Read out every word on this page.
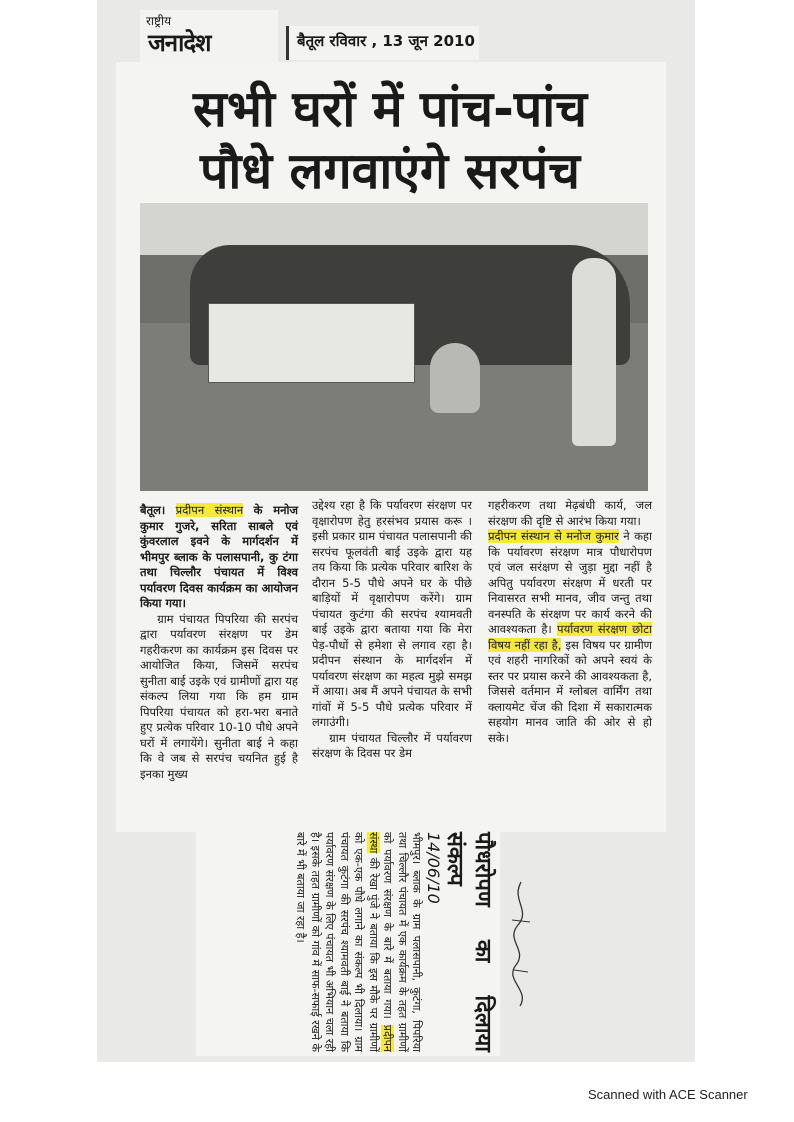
राष्ट्रीय
जनादेश	बैतूल रविवार , 13 जून 2010
सभी घरों में पांच-पांच
पौधे लगवाएंगे सरपंच
बैतूल। प्रदीपन संस्थान के मनोज कुमार गुजरे, सरिता साबले एवं कुंवरलाल इवने के मार्गदर्शन में भीमपुर ब्लाक के पलासपानी, कु टंगा तथा चिल्लौर पंचायत में विश्व पर्यावरण दिवस कार्यक्रम का आयोजन किया गया।
ग्राम पंचायत पिपरिया की सरपंच द्वारा पर्यावरण संरक्षण पर डेम गहरीकरण का कार्यक्रम इस दिवस पर आयोजित किया, जिसमें सरपंच सुनीता बाई उइके एवं ग्रामीणों द्वारा यह संकल्प लिया गया कि हम ग्राम पिपरिया पंचायत को हरा-भरा बनाते हुए प्रत्येक परिवार 10-10 पौधे अपने घरों में लगायेंगे। सुनीता बाई ने कहा कि वे जब से सरपंच चयनित हुई है इनका मुख्य
उद्देश्य रहा है कि पर्यावरण संरक्षण पर वृक्षारोपण हेतु हरसंभव प्रयास करू । इसी प्रकार ग्राम पंचायत पलासपानी की सरपंच फूलवंती बाई उइके द्वारा यह तय किया कि प्रत्येक परिवार बारिश के दौरान 5-5 पौधे अपने घर के पीछे बाड़ियों में वृक्षारोपण करेंगे। ग्राम पंचायत कुटंगा की सरपंच श्यामवती बाई उइके द्वारा बताया गया कि मेरा पेड़-पौधों से हमेशा से लगाव रहा है। प्रदीपन संस्थान के मार्गदर्शन में पर्यावरण संरक्षण का महत्व मुझे समझ में आया। अब मैं अपने पंचायत के सभी गांवों में 5-5 पौधे प्रत्येक परिवार में लगाउंगी।
ग्राम पंचायत चिल्लौर में पर्यावरण संरक्षण के दिवस पर डेम
गहरीकरण तथा मेढ़बंधी कार्य, जल संरक्षण की दृष्टि से आरंभ किया गया।
प्रदीपन संस्थान से मनोज कुमार ने कहा कि पर्यावरण संरक्षण मात्र पौधारोपण एवं जल सरंक्षण से जुड़ा मुद्दा नहीं है अपितु पर्यावरण संरक्षण में धरती पर निवासरत सभी मानव, जीव जन्तु तथा वनस्पति के संरक्षण पर कार्य करने की आवश्यकता है। पर्यावरण संरक्षण छोटा विषय नहीं रहा है, इस विषय पर ग्रामीण एवं शहरी नागरिकों को अपने स्वयं के स्तर पर प्रयास करने की आवश्यकता है, जिससे वर्तमान में ग्लोबल वार्मिंग तथा क्लायमेट चेंज की दिशा में सकारात्मक सहयोग मानव जाति की ओर से हो सके।
पौधरोपण का दिलाया संकल्प
14/06/10
भीमपुर। ब्लाक के ग्राम पलासपानी, कुटंगा, पिपरिया तथा चिल्लौर पंचायत में एक कार्यक्रम के तहत ग्रामीणों को पर्यावरण संरक्षण के बारे में बताया गया। प्रदीपन संस्था की रेखा पुंजे ने बताया कि इस मौके पर ग्रामीणों को एक-एक पौधे लगाने का संकल्प भी दिलाया। ग्राम पंचायत कुटंगा की सरपंच श्यामवती बाई ने बताया कि पर्यावरण संरक्षण के लिए पंचायत भी अभियान चला रही है। इसके तहत ग्रामीणों को गांव में साफ-सफाई रखने के बारे में भी बताया जा रहा है।
Scanned with ACE Scanner
